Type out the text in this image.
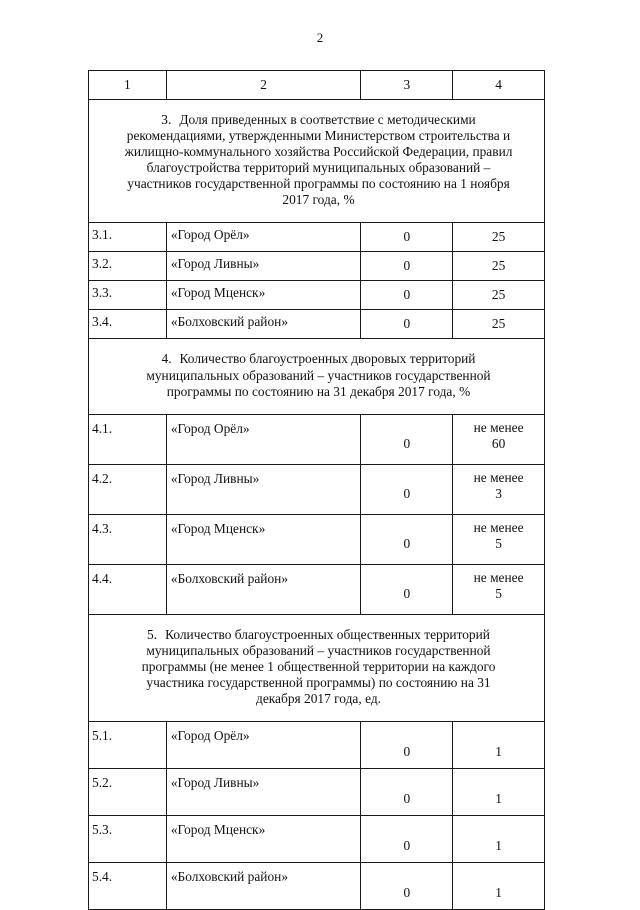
2
1	2	3	4
3. Доля приведенных в соответствие с методическими рекомендациями, утвержденными Министерством строительства и жилищно-коммунального хозяйства Российской Федерации, правил благоустройства территорий муниципальных образований – участников государственной программы по состоянию на 1 ноября 2017 года, %			
3.1.	«Город Орёл»	0	25
3.2.	«Город Ливны»	0	25
3.3.	«Город Мценск»	0	25
3.4.	«Болховский район»	0	25
4. Количество благоустроенных дворовых территорий муниципальных образований – участников государственной программы по состоянию на 31 декабря 2017 года, %			
4.1.	«Город Орёл»	0	не менее
60

4.2.	«Город Ливны»	0	не менее
3

4.3.	«Город Мценск»	0	не менее
5

4.4.	«Болховский район»	0	не менее
5

5. Количество благоустроенных общественных территорий муниципальных образований – участников государственной программы (не менее 1 общественной территории на каждого участника государственной программы) по состоянию на 31 декабря 2017 года, ед.			
5.1.	«Город Орёл»	0	1
5.2.	«Город Ливны»	0	1
5.3.	«Город Мценск»	0	1
5.4.	«Болховский район»	0	1
